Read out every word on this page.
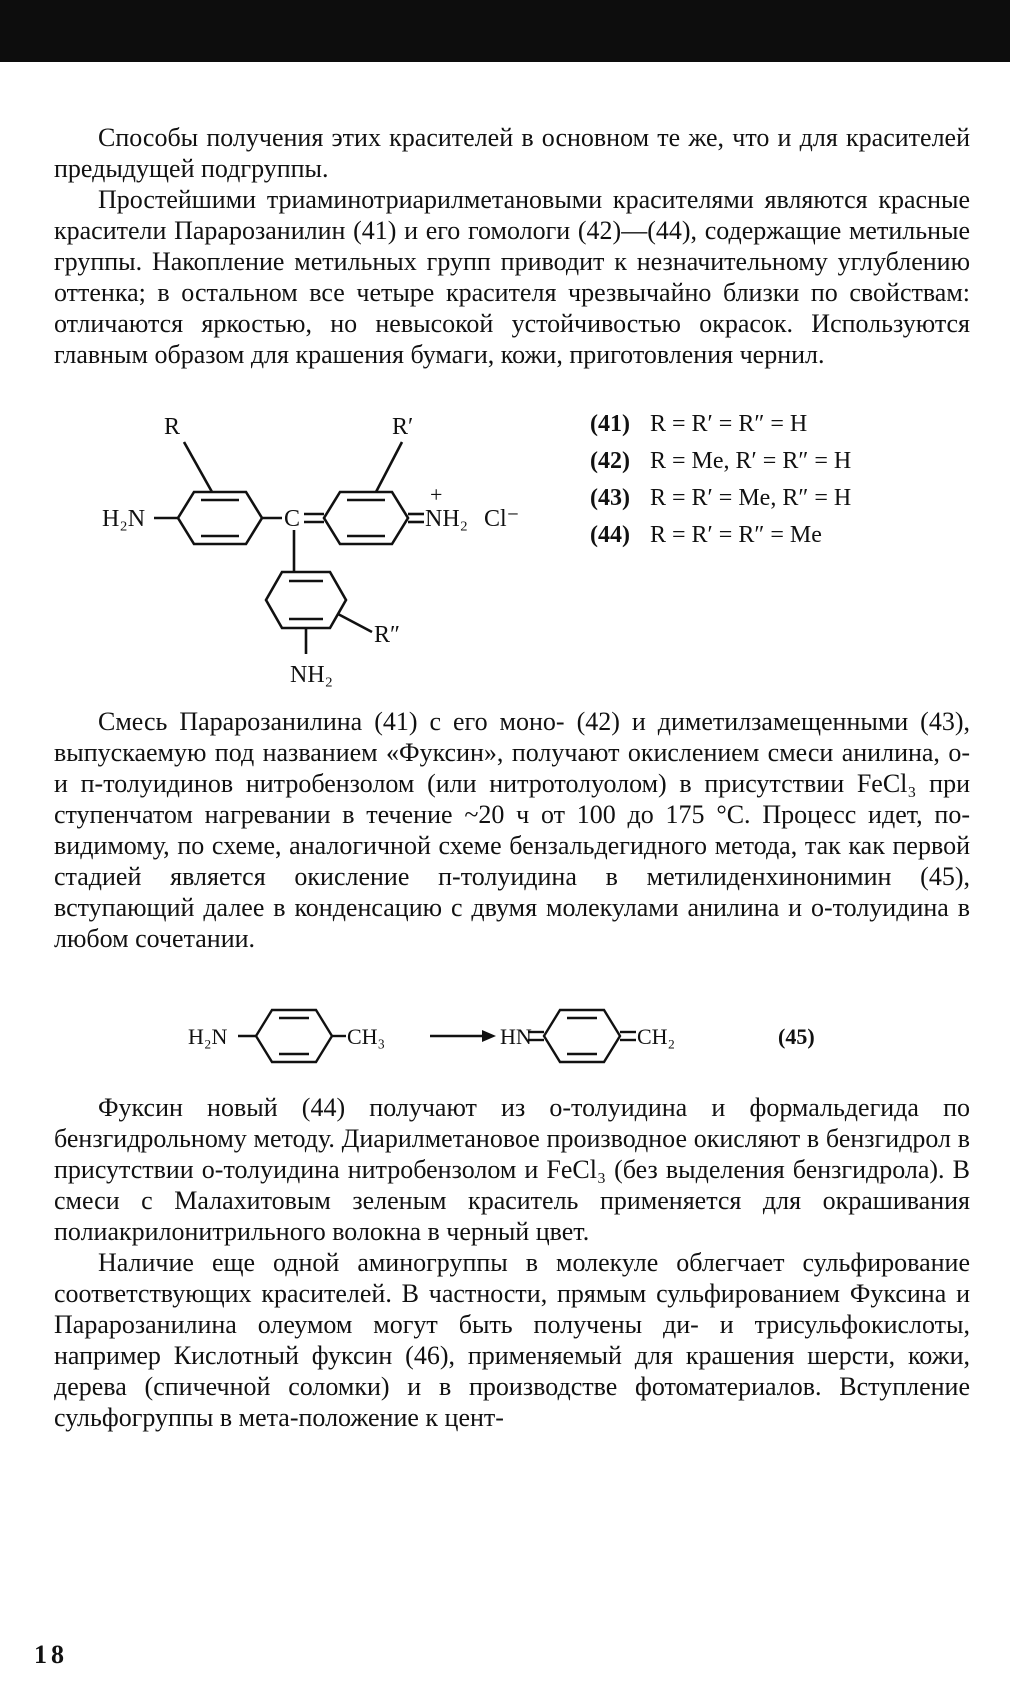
Способы получения этих красителей в основном те же, что и для красителей предыдущей подгруппы.

Простейшими триаминотриарилметановыми красителями являются красные красители Парарозанилин (41) и его гомологи (42)—(44), содержащие метильные группы. Накопление метильных групп приводит к незначительному углублению оттенка; в остальном все четыре красителя чрезвычайно близки по свойствам: отличаются яркостью, но невысокой устойчивостью окрасок. Используются главным образом для крашения бумаги, кожи, приготовления чернил.

R	R′
H₂N	C	NH₂
+
Cl⁻
R″
NH₂
(41) R = R′ = R″ = H
(42) R = Me, R′ = R″ = H
(43) R = R′ = Me, R″ = H
(44) R = R′ = R″ = Me

Смесь Парарозанилина (41) с его моно- (42) и диметилзамещенными (43), выпускаемую под названием «Фуксин», получают окислением смеси анилина, о- и п-толуидинов нитробензолом (или нитротолуолом) в присутствии FeCl₃ при ступенчатом нагревании в течение ~20 ч от 100 до 175 °С. Процесс идет, по-видимому, по схеме, аналогичной схеме бензальдегидного метода, так как первой стадией является окисление п-толуидина в метилиденхинонимин (45), вступающий далее в конденсацию с двумя молекулами анилина и о-толуидина в любом сочетании.

H₂N	CH₃	HN	CH₂	(45)

Фуксин новый (44) получают из о-толуидина и формальдегида по бензгидрольному методу. Диарилметановое производное окисляют в бензгидрол в присутствии о-толуидина нитробензолом и FeCl₃ (без выделения бензгидрола). В смеси с Малахитовым зеленым краситель применяется для окрашивания полиакрилонитрильного волокна в черный цвет.

Наличие еще одной аминогруппы в молекуле облегчает сульфирование соответствующих красителей. В частности, прямым сульфированием Фуксина и Парарозанилина олеумом могут быть получены ди- и трисульфокислоты, например Кислотный фуксин (46), применяемый для крашения шерсти, кожи, дерева (спичечной соломки) и в производстве фотоматериалов. Вступление сульфогруппы в мета-положение к цент-

18
